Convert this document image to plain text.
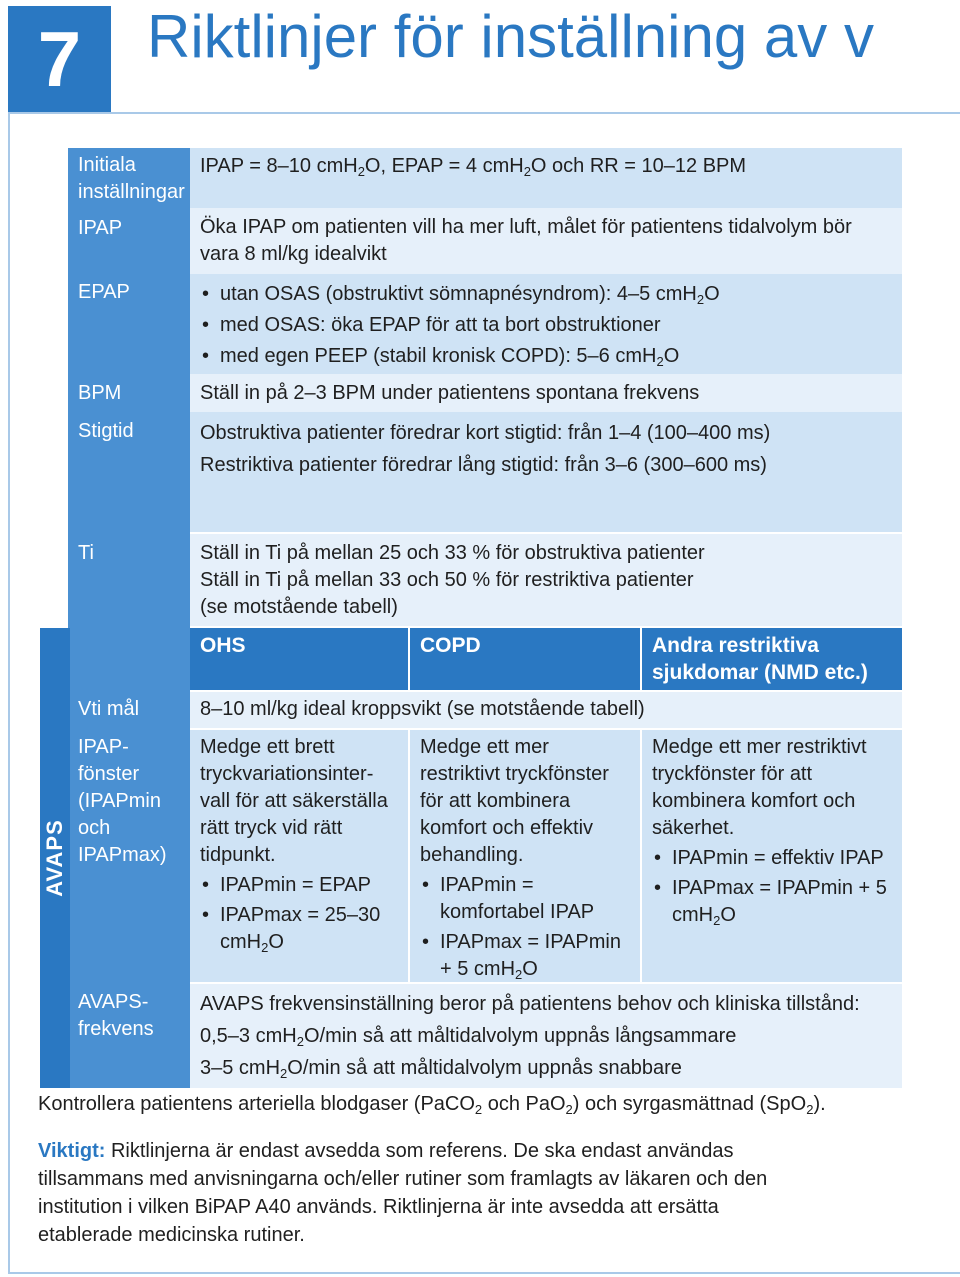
7	Riktlinjer för inställning av v
Initiala inställningar
IPAP = 8–10 cmH$_2$O, EPAP = 4 cmH$_2$O och RR = 10–12 BPM
IPAP	Öka IPAP om patienten vill ha mer luft, målet för patientens tidalvolym bör vara 8 ml/kg idealvikt
EPAP
•	utan OSAS (obstruktivt sömnapnésyndrom): 4–5 cmH$_2$O
• med OSAS: öka EPAP för att ta bort obstruktioner
• med egen PEEP (stabil kronisk COPD): 5–6 cmH$_2$O
BPM	Ställ in på 2–3 BPM under patientens spontana frekvens
Stigtid	Obstruktiva patienter föredrar kort stigtid: från 1–4 (100–400 ms)
Restriktiva patienter föredrar lång stigtid: från 3–6 (300–600 ms)
Ti	Ställ in Ti på mellan 25 och 33 % för obstruktiva patienter
Ställ in Ti på mellan 33 och 50 % för restriktiva patienter
(se motstående tabell)
OHS	COPD	Andra restriktiva sjukdomar (NMD etc.)
Vti mål	8–10 ml/kg ideal kroppsvikt (se motstående tabell)
IPAP-fönster (IPAPmin och IPAPmax)
Medge ett brett tryckvariationsinter-vall för att säkerställa rätt tryck vid rätt tidpunkt.
• IPAPmin = EPAP
• IPAPmax = 25–30 cmH$_2$O
Medge ett mer restriktivt tryckfönster för att kombinera komfort och effektiv behandling.
• IPAPmin = komfortabel IPAP
• IPAPmax = IPAPmin + 5 cmH$_2$O
Medge ett mer restriktivt tryckfönster för att kombinera komfort och säkerhet.
• IPAPmin = effektiv IPAP
• IPAPmax = IPAPmin + 5 cmH$_2$O
AVAPS-frekvens
AVAPS frekvensinställning beror på patientens behov och kliniska tillstånd:
0,5–3 cmH$_2$O/min så att måltidalvolym uppnås långsammare
3–5 cmH$_2$O/min så att måltidalvolym uppnås snabbare
AVAPS
Kontrollera patientens arteriella blodgaser (PaCO$_2$ och PaO$_2$) och syrgasmättnad (SpO$_2$).
Viktigt: Riktlinjerna är endast avsedda som referens. De ska endast användas tillsammans med anvisningarna och/eller rutiner som framlagts av läkaren och den institution i vilken BiPAP A40 används. Riktlinjerna är inte avsedda att ersätta etablerade medicinska rutiner.
